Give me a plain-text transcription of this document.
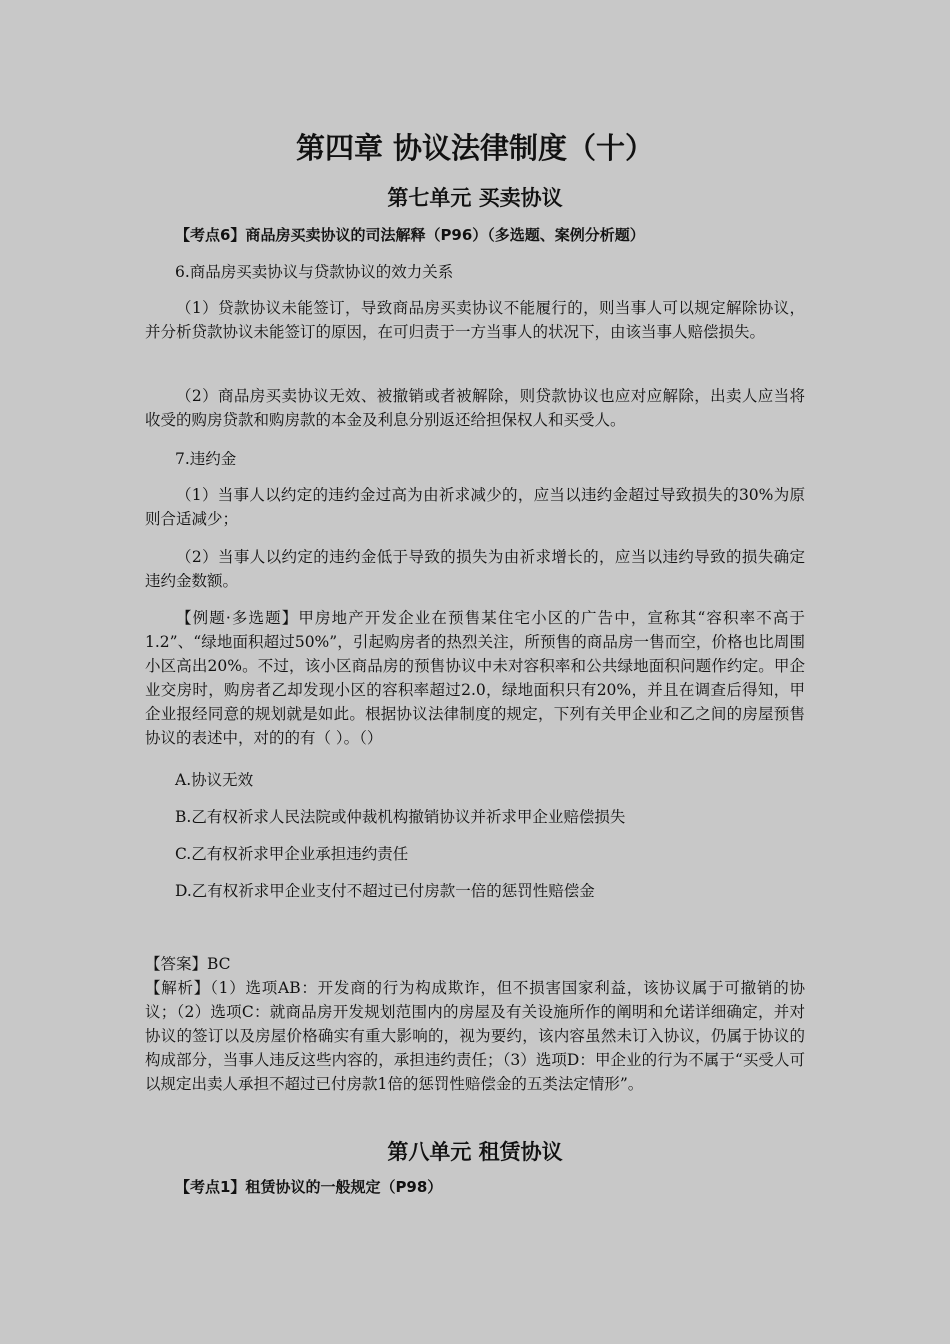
第四章 协议法律制度（十）
第七单元 买卖协议
【考点6】商品房买卖协议的司法解释（P96）（多选题、案例分析题）
6.商品房买卖协议与贷款协议的效力关系
（1）贷款协议未能签订，导致商品房买卖协议不能履行的，则当事人可以规定解除协议，并分析贷款协议未能签订的原因，在可归责于一方当事人的状况下，由该当事人赔偿损失。
（2）商品房买卖协议无效、被撤销或者被解除，则贷款协议也应对应解除，出卖人应当将收受的购房贷款和购房款的本金及利息分别返还给担保权人和买受人。
7.违约金
（1）当事人以约定的违约金过高为由祈求减少的，应当以违约金超过导致损失的30%为原则合适减少；
（2）当事人以约定的违约金低于导致的损失为由祈求增长的，应当以违约导致的损失确定违约金数额。
【例题·多选题】甲房地产开发企业在预售某住宅小区的广告中，宣称其“容积率不高于1.2”、“绿地面积超过50%”，引起购房者的热烈关注，所预售的商品房一售而空，价格也比周围小区高出20%。不过，该小区商品房的预售协议中未对容积率和公共绿地面积问题作约定。甲企业交房时，购房者乙却发现小区的容积率超过2.0，绿地面积只有20%，并且在调查后得知，甲企业报经同意的规划就是如此。根据协议法律制度的规定，下列有关甲企业和乙之间的房屋预售协议的表述中，对的的有（ ）。（）
A.协议无效
B.乙有权祈求人民法院或仲裁机构撤销协议并祈求甲企业赔偿损失
C.乙有权祈求甲企业承担违约责任
D.乙有权祈求甲企业支付不超过已付房款一倍的惩罚性赔偿金
【答案】BC
【解析】（1）选项AB：开发商的行为构成欺诈，但不损害国家利益，该协议属于可撤销的协议；（2）选项C：就商品房开发规划范围内的房屋及有关设施所作的阐明和允诺详细确定，并对协议的签订以及房屋价格确实有重大影响的，视为要约，该内容虽然未订入协议，仍属于协议的构成部分，当事人违反这些内容的，承担违约责任；（3）选项D：甲企业的行为不属于“买受人可以规定出卖人承担不超过已付房款1倍的惩罚性赔偿金的五类法定情形”。
第八单元 租赁协议
【考点1】租赁协议的一般规定（P98）
